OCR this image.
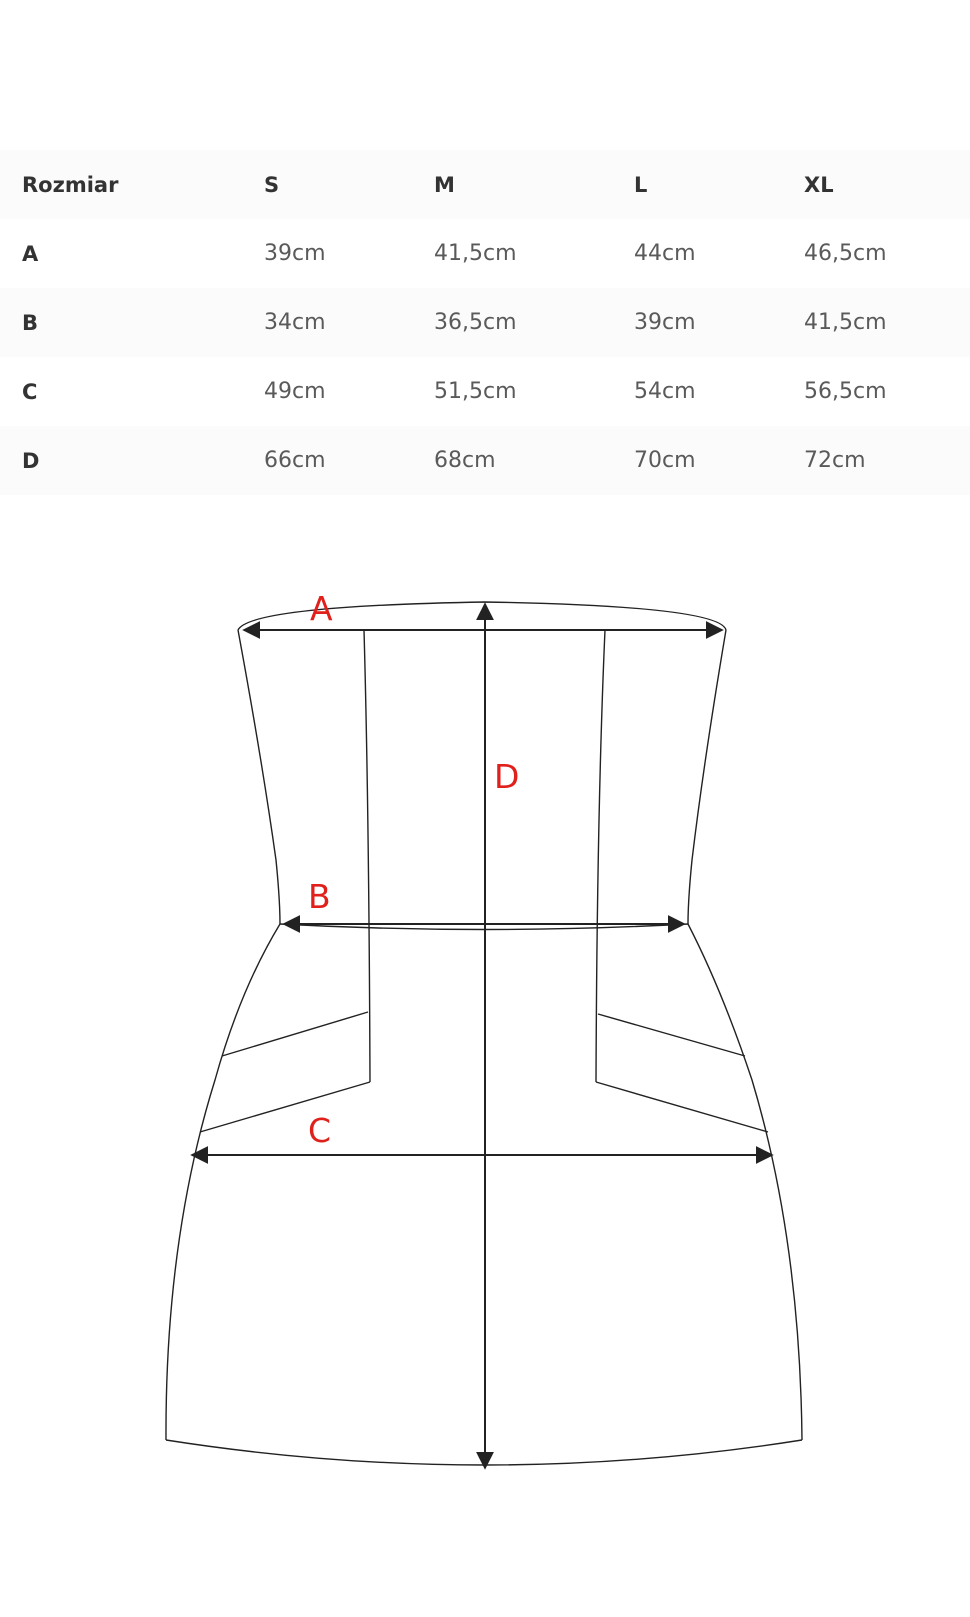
Rozmiar	S	M	L	XL
A	39cm	41,5cm	44cm	46,5cm
B	34cm	36,5cm	39cm	41,5cm
C	49cm	51,5cm	54cm	56,5cm
D	66cm	68cm	70cm	72cm
A
B
C
D
